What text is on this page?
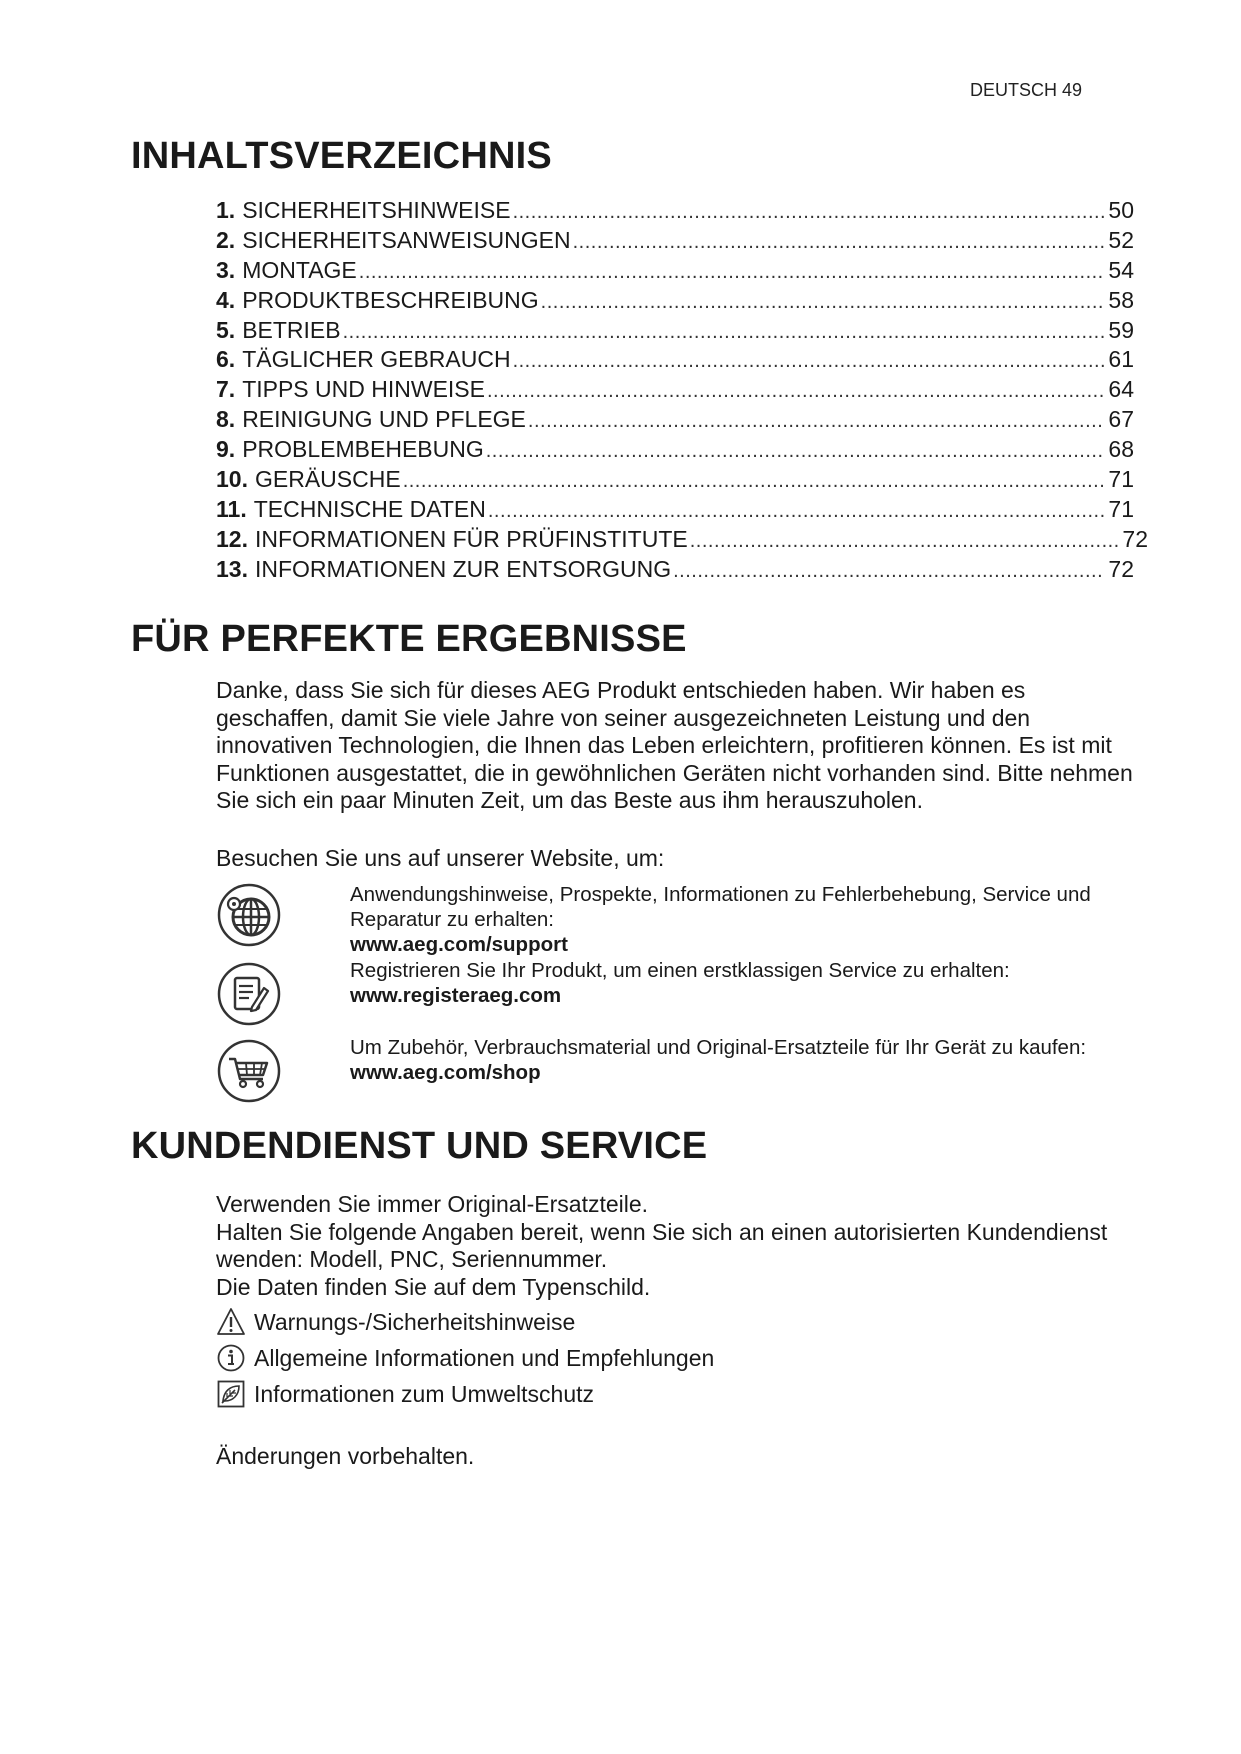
DEUTSCH 49
INHALTSVERZEICHNIS
1. SICHERHEITSHINWEISE .....	50
2. SICHERHEITSANWEISUNGEN .....	52
3. MONTAGE .....	54
4. PRODUKTBESCHREIBUNG .....	58
5. BETRIEB .....	59
6. TÄGLICHER GEBRAUCH .....	61
7. TIPPS UND HINWEISE .....	64
8. REINIGUNG UND PFLEGE .....	67
9. PROBLEMBEHEBUNG .....	68
10. GERÄUSCHE .....	71
11. TECHNISCHE DATEN .....	71
12. INFORMATIONEN FÜR PRÜFINSTITUTE .....	72
13. INFORMATIONEN ZUR ENTSORGUNG .....	72
FÜR PERFEKTE ERGEBNISSE

Danke, dass Sie sich für dieses AEG Produkt entschieden haben. Wir haben es geschaffen, damit Sie viele Jahre von seiner ausgezeichneten Leistung und den innovativen Technologien, die Ihnen das Leben erleichtern, profitieren können. Es ist mit Funktionen ausgestattet, die in gewöhnlichen Geräten nicht vorhanden sind. Bitte nehmen Sie sich ein paar Minuten Zeit, um das Beste aus ihm herauszuholen.

Besuchen Sie uns auf unserer Website, um:

Anwendungshinweise, Prospekte, Informationen zu Fehlerbehebung, Service und Reparatur zu erhalten:
www.aeg.com/support
Registrieren Sie Ihr Produkt, um einen erstklassigen Service zu erhalten:
www.registeraeg.com
Um Zubehör, Verbrauchsmaterial und Original-Ersatzteile für Ihr Gerät zu kaufen:
www.aeg.com/shop
KUNDENDIENST UND SERVICE
Verwenden Sie immer Original-Ersatzteile.
Halten Sie folgende Angaben bereit, wenn Sie sich an einen autorisierten Kundendienst wenden: Modell, PNC, Seriennummer.
Die Daten finden Sie auf dem Typenschild.
Warnungs-/Sicherheitshinweise
Allgemeine Informationen und Empfehlungen
Informationen zum Umweltschutz

Änderungen vorbehalten.
